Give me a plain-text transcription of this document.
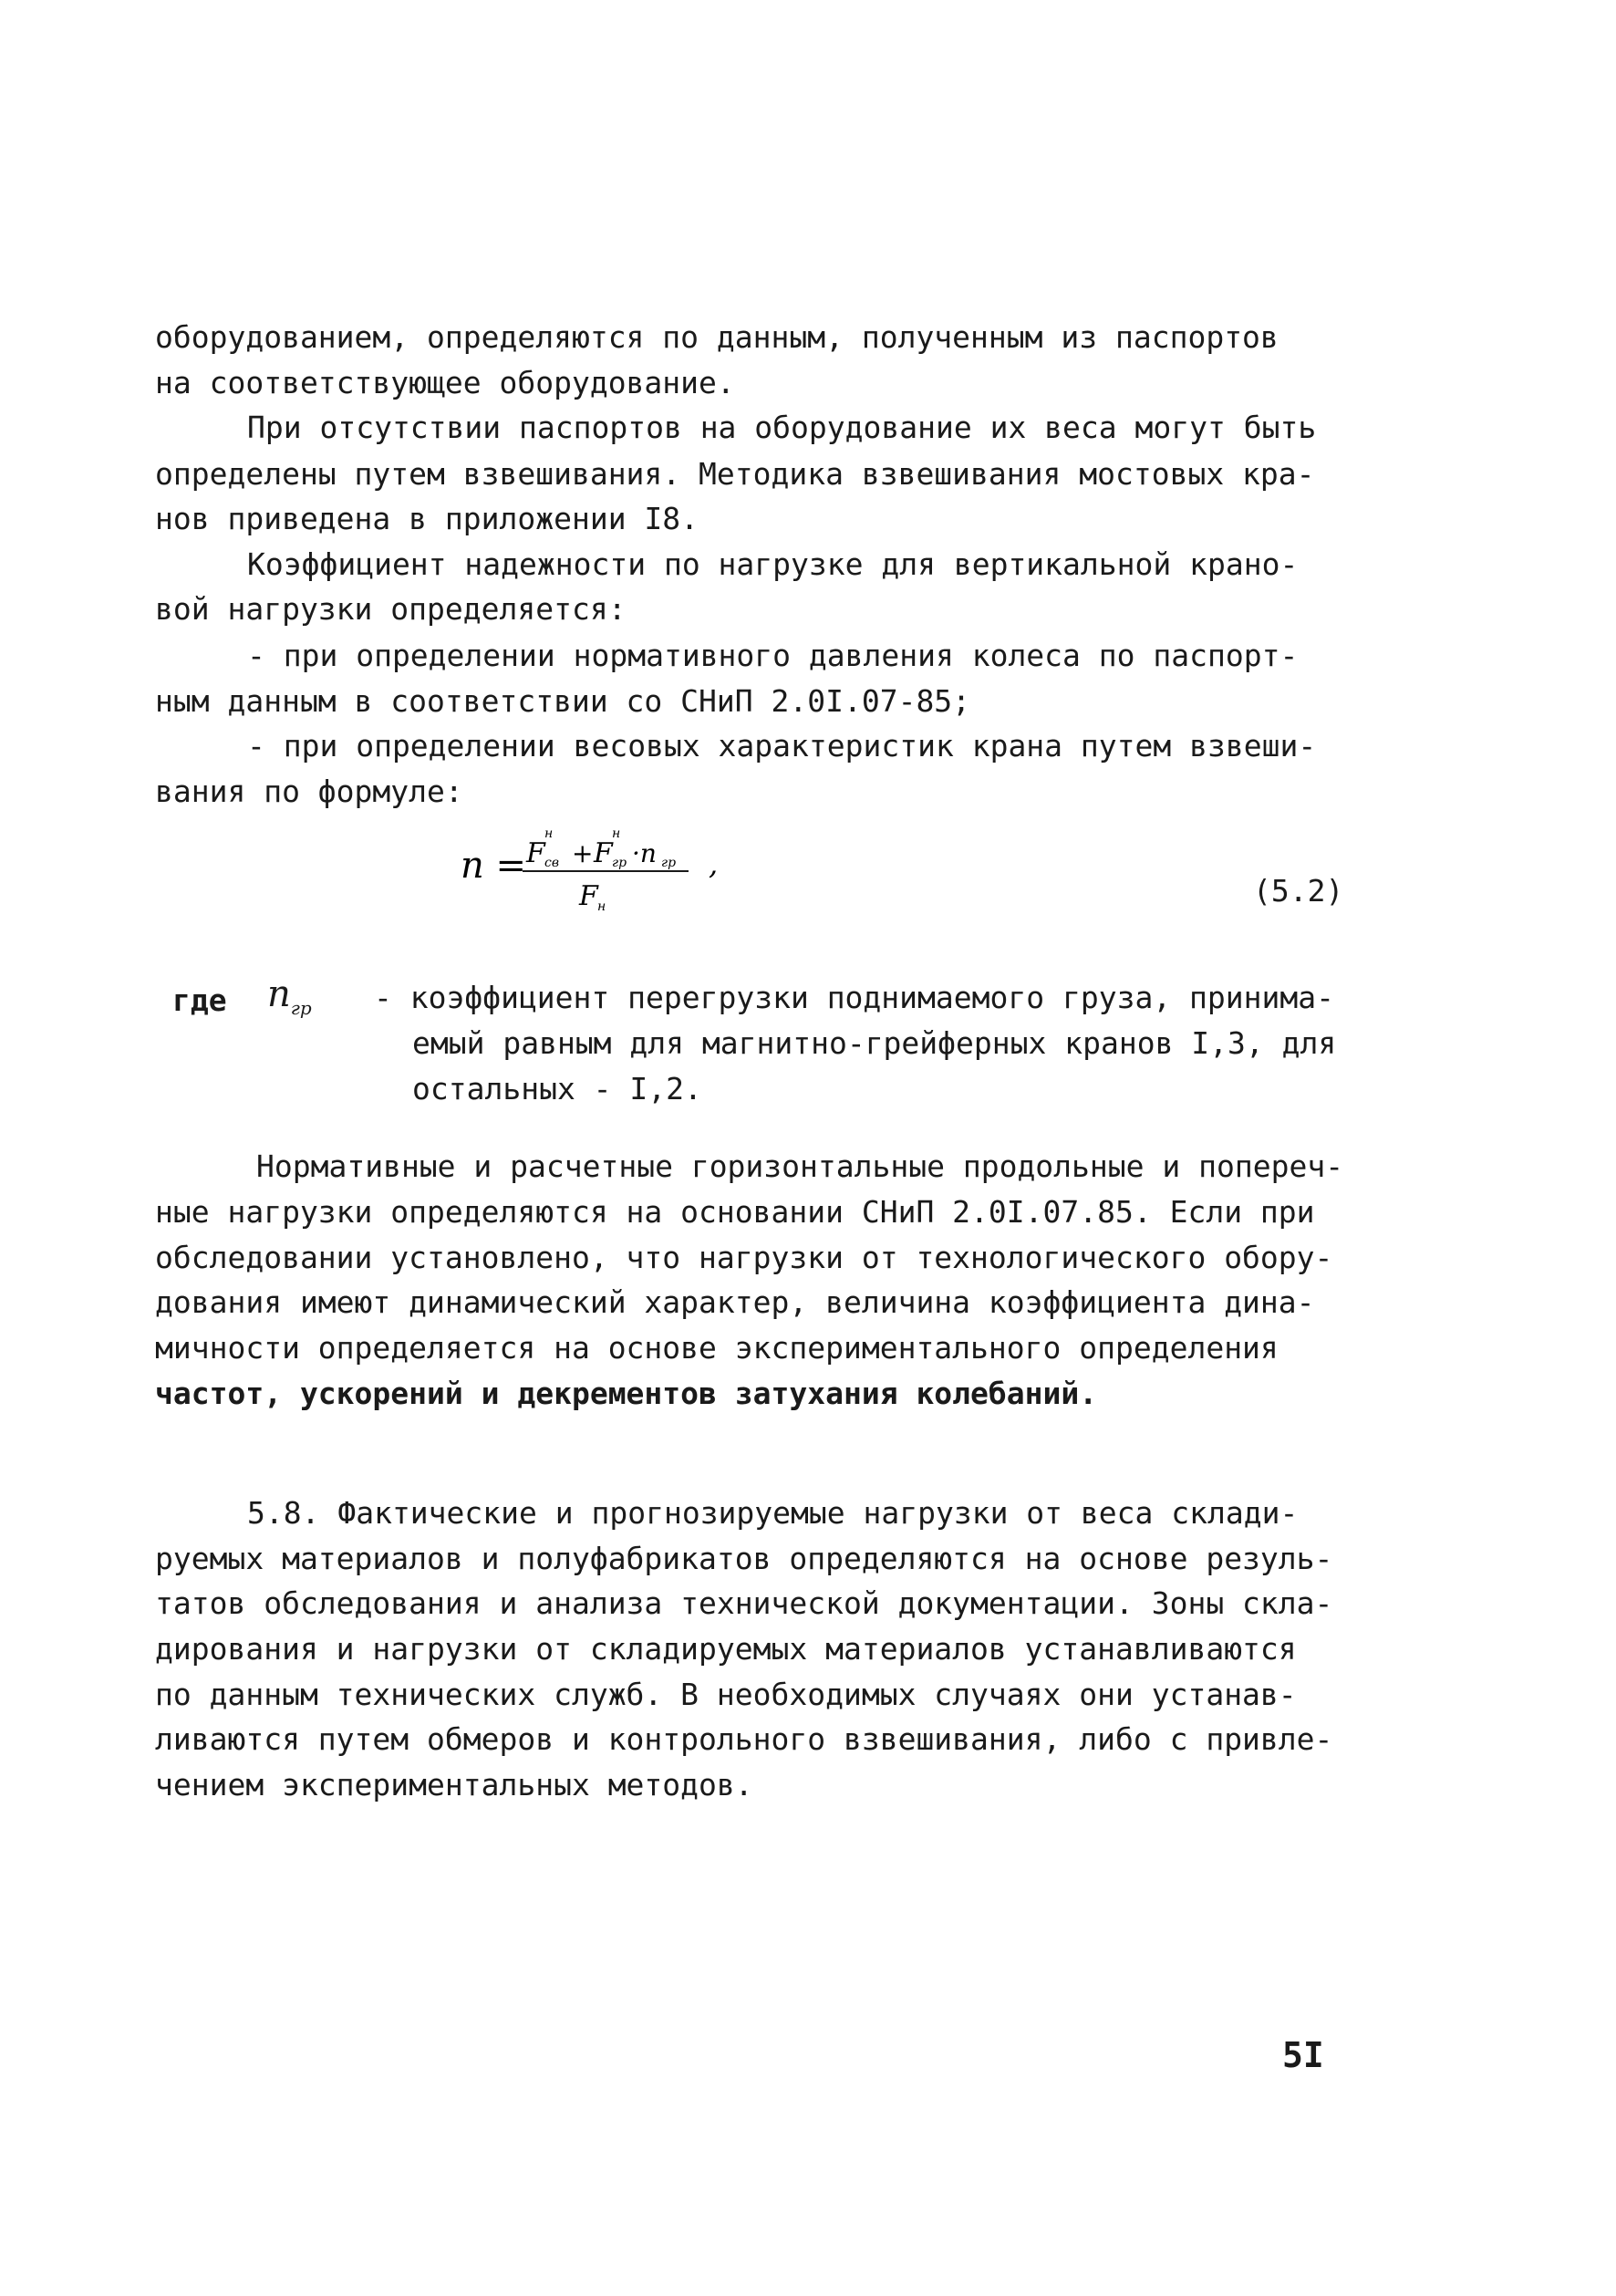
оборудованием, определяются по данным, полученным из паспортов
на соответствующее оборудование.
При отсутствии паспортов на оборудование их веса могут быть
определены путем взвешивания. Методика взвешивания мостовых кра-
нов приведена в приложении I8.
Коэффициент надежности по нагрузке для вертикальной крано-
вой нагрузки определяется:
- при определении нормативного давления колеса по паспорт-
ным данным в соответствии со СНиП 2.0I.07-85;
- при определении весовых характеристик крана путем взвеши-
вания по формуле:
n = F св
н
+ F гр
н
·n гр
F н
,
(5.2)
где $n_{гр}$ - коэффициент перегрузки поднимаемого груза, принима-
емый равным для магнитно-грейферных кранов I,3, для
остальных - I,2.
Нормативные и расчетные горизонтальные продольные и попереч-
ные нагрузки определяются на основании СНиП 2.0I.07.85. Если при
обследовании установлено, что нагрузки от технологического обору-
дования имеют динамический характер, величина коэффициента дина-
мичности определяется на основе экспериментального определения
частот, ускорений и декрементов затухания колебаний.
5.8. Фактические и прогнозируемые нагрузки от веса склади-
руемых материалов и полуфабрикатов определяются на основе резуль-
татов обследования и анализа технической документации. Зоны скла-
дирования и нагрузки от складируемых материалов устанавливаются
по данным технических служб. В необходимых случаях они устанав-
ливаются путем обмеров и контрольного взвешивания, либо с привле-
чением экспериментальных методов.
5I
